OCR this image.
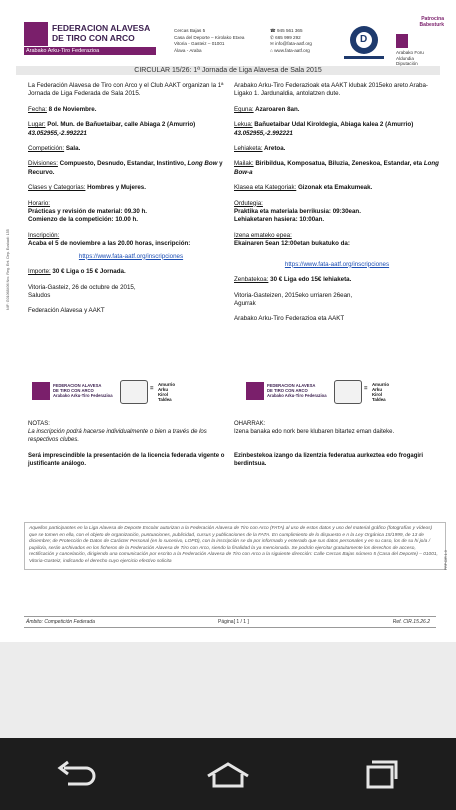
FEDERACION ALAVESA
DE TIRO CON ARCO
Arabako Arku-Tiro Federazioa
Cercas Bajas 5
Casa del Deporte – Kirolako Etxea
Vitoria - Gasteiz – 01001
Álava - Araba
☎ 945 561 365
✆ 665 999 292
✉ info@fata-aatf.org
⌂ www.fata-aatf.org
D
Patrocina Babesturk
Arabako Foru
Aldundia
Diputación
CIRCULAR 15/26: 1ª Jornada de Liga Alavesa de Sala 2015
La Federación Alavesa de Tiro con Arco y el Club AAKT organizan la 1ª Jornada de Liga Federada de Sala 2015.
Fecha: 8 de Noviembre.
Lugar: Pol. Mun. de Bañuetaibar, calle Abiaga 2 (Amurrio) 43.052955,-2.992221
Competición: Sala.
Divisiones: Compuesto, Desnudo, Estandar, Instintivo, Long Bow y Recurvo.
Clases y Categorías: Hombres y Mujeres.
Horario:
Prácticas y revisión de material: 09.30 h.
Comienzo de la competición: 10.00 h.
Inscripción:
Acaba el 5 de noviembre a las 20.00 horas, inscripción:
https://www.fata-aatf.org/inscripciones
Importe: 30 € Liga o 15 € Jornada.
Vitoria-Gasteiz, 26 de octubre de 2015,
Saludos
Federación Alavesa y AAKT
Arabako Arku-Tiro Federazioak eta AAKT klubak 2015eko areto Araba-Ligako 1. Jardunaldia, antolatzen dute.
Eguna: Azaroaren 8an.
Lekua: Bañuetaibar Udal Kiroldegia, Abiaga kalea 2 (Amurrio) 43.052955,-2.992221
Lehiaketa: Aretoa.
Mailak: Biribildua, Komposatua, Biluzia, Zeneskoa, Estandar, eta Long Bow-a
Klasea eta Kategoriak: Gizonak eta Emakumeak.
Ordutegia:
Praktika eta materiala berrikusia: 09:30ean.
Lehiaketaren hasiera: 10:00an.
Izena emateko epea:
Ekainaren 5ean 12:00etan bukatuko da:
https://www.fata-aatf.org/inscripciones
Zenbatekoa: 30 € Liga edo 15€ lehiaketa.
Vitoria-Gasteizen, 2015eko urriaren 26ean,
Agurrak
Arabako Arku-Tiro Federazioa eta AAKT
FEDERACION ALAVESA
DE TIRO CON ARCO
Arabako Arku-Tiro Federazioa
=
Amurrio
Arku
Kirol
Taldea
FEDERACION ALAVESA
DE TIRO CON ARCO
Arabako Arku-Tiro Federazioa
=
Amurrio
Arku
Kirol
Taldea
NOTAS:
La inscripción podrá hacerse individualmente o bien a través de los respectivos clubes.
Será imprescindible la presentación de la licencia federada vigente o justificante análogo.
OHARRAK:
Izena banaka edo nork bere klubaren bitartez eman daiteke.
Ezinbestekoa izango da lizentzia federatua aurkeztea edo frogagiri berdintsua.
Aquellos participantes en la Liga Alavesa de Deporte Escolar autorizan a la Federación Alavesa de Tiro con Arco (FATA) al uso de estos datos y uso del material gráfico (fotografías y vídeos) que se tomen en ella, con el objeto de organización, puntuaciones, publicidad, cursus y publicaciones de la FATA. En cumplimiento de lo dispuesto e n la Ley Orgánica 15/1999, de 13 de diciembre; de Protección de Datos de Carácter Personal (en lo sucesivo, LOPD), con la inscripción se da por informado y enterado que sus datos personales y en su caso, los de su hi jo/a / pupilo/a, serán archivados en los ficheros de la Federación Alavesa de Tiro con Arco, siendo la finalidad la ya mencionada. Se podrán ejercitar gratuitamente los derechos de acceso, rectificación y cancelación, dirigiendo una comunicación por escrito a la Federación Alavesa de Tiro con Arco a la siguiente dirección: Calle Cercas Bajas número 5 (Casa del Deporte) – 01001, Vitoria-Gasteiz, indicando el derecho cuyo ejercicio efectivo solicita
Ámbito: Competición Federada	Página[ 1 / 1 ]	Ref. CIR.15.26.2
NIF: G01068406 Nro. Reg. Ent. Dep. Euskadi: 155
FRF.CIR.1.0
